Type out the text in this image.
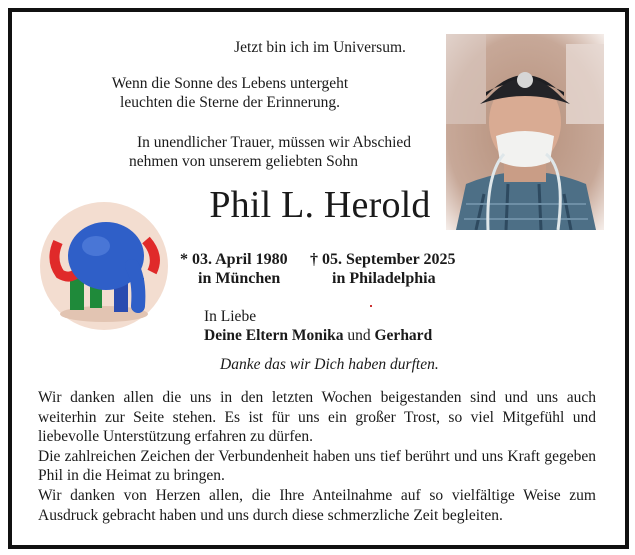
Jetzt bin ich im Universum.
Wenn die Sonne des Lebens untergeht
leuchten die Sterne der Erinnerung.
In unendlicher Trauer, müssen wir Abschied
nehmen von unserem geliebten Sohn
Phil L. Herold
* 03. April 1980
in München
† 05. September 2025
in Philadelphia
In Liebe
Deine Eltern Monika und Gerhard
Danke das wir Dich haben durften.

Wir danken allen die uns in den letzten Wochen beigestanden sind und uns auch weiterhin zur Seite stehen. Es ist für uns ein großer Trost, so viel Mitgefühl und liebevolle Unterstützung erfahren zu dürfen.

Die zahlreichen Zeichen der Verbundenheit haben uns tief berührt und uns Kraft gegeben Phil in die Heimat zu bringen.

Wir danken von Herzen allen, die Ihre Anteilnahme auf so vielfältige Weise zum Ausdruck gebracht haben und uns durch diese schmerzliche Zeit begleiten.
